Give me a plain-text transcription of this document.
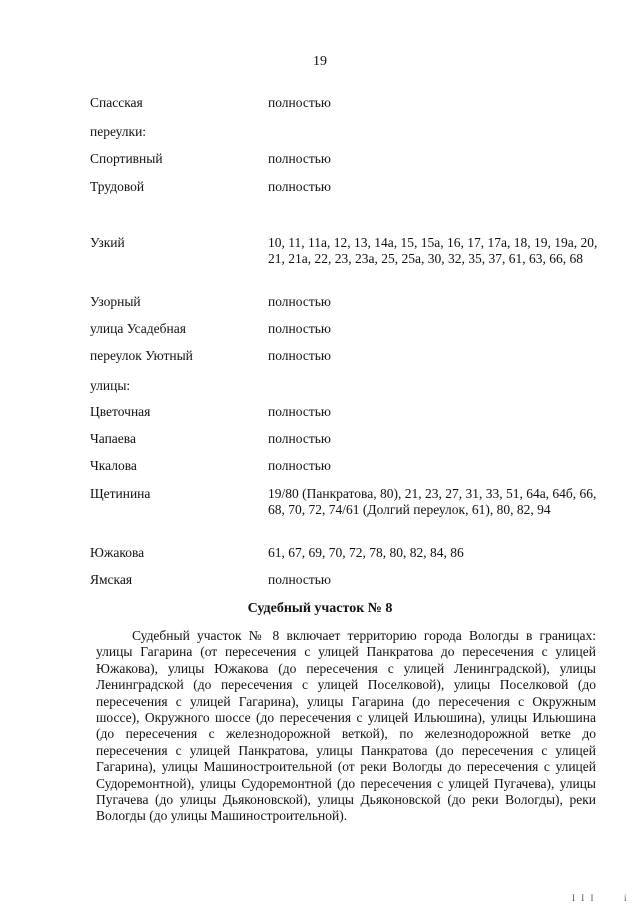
19
Спасская	полностью
переулки:
Спортивный	полностью
Трудовой	полностью
Узкий	10, 11, 11а, 12, 13, 14а, 15, 15а, 16, 17, 17а, 18, 19, 19а, 20, 21, 21а, 22, 23, 23а, 25, 25а, 30, 32, 35, 37, 61, 63, 66, 68
Узорный	полностью
улица Усадебная	полностью
переулок Уютный	полностью
улицы:
Цветочная	полностью
Чапаева	полностью
Чкалова	полностью
Щетинина	19/80 (Панкратова, 80), 21, 23, 27, 31, 33, 51, 64а, 64б, 66, 68, 70, 72, 74/61 (Долгий переулок, 61), 80, 82, 94
Южакова	61, 67, 69, 70, 72, 78, 80, 82, 84, 86
Ямская	полностью
Судебный участок № 8
Судебный участок № 8 включает территорию города Вологды в границах: улицы Гагарина (от пересечения с улицей Панкратова до пересечения с улицей Южакова), улицы Южакова (до пересечения с улицей Ленинградской), улицы Ленинградской (до пересечения с улицей Поселковой), улицы Поселковой (до пересечения с улицей Гагарина), улицы Гагарина (до пересечения с Окружным шоссе), Окружного шоссе (до пересечения с улицей Ильюшина), улицы Ильюшина (до пересечения с железнодорожной веткой), по железнодорожной ветке до пересечения с улицей Панкратова, улицы Панкратова (до пересечения с улицей Гагарина), улицы Машиностроительной (от реки Вологды до пересечения с улицей Судоремонтной), улицы Судоремонтной (до пересечения с улицей Пугачева), улицы Пугачева (до улицы Дьяконовской), улицы Дьяконовской (до реки Вологды), реки Вологды (до улицы Машиностроительной).
I I I	i
